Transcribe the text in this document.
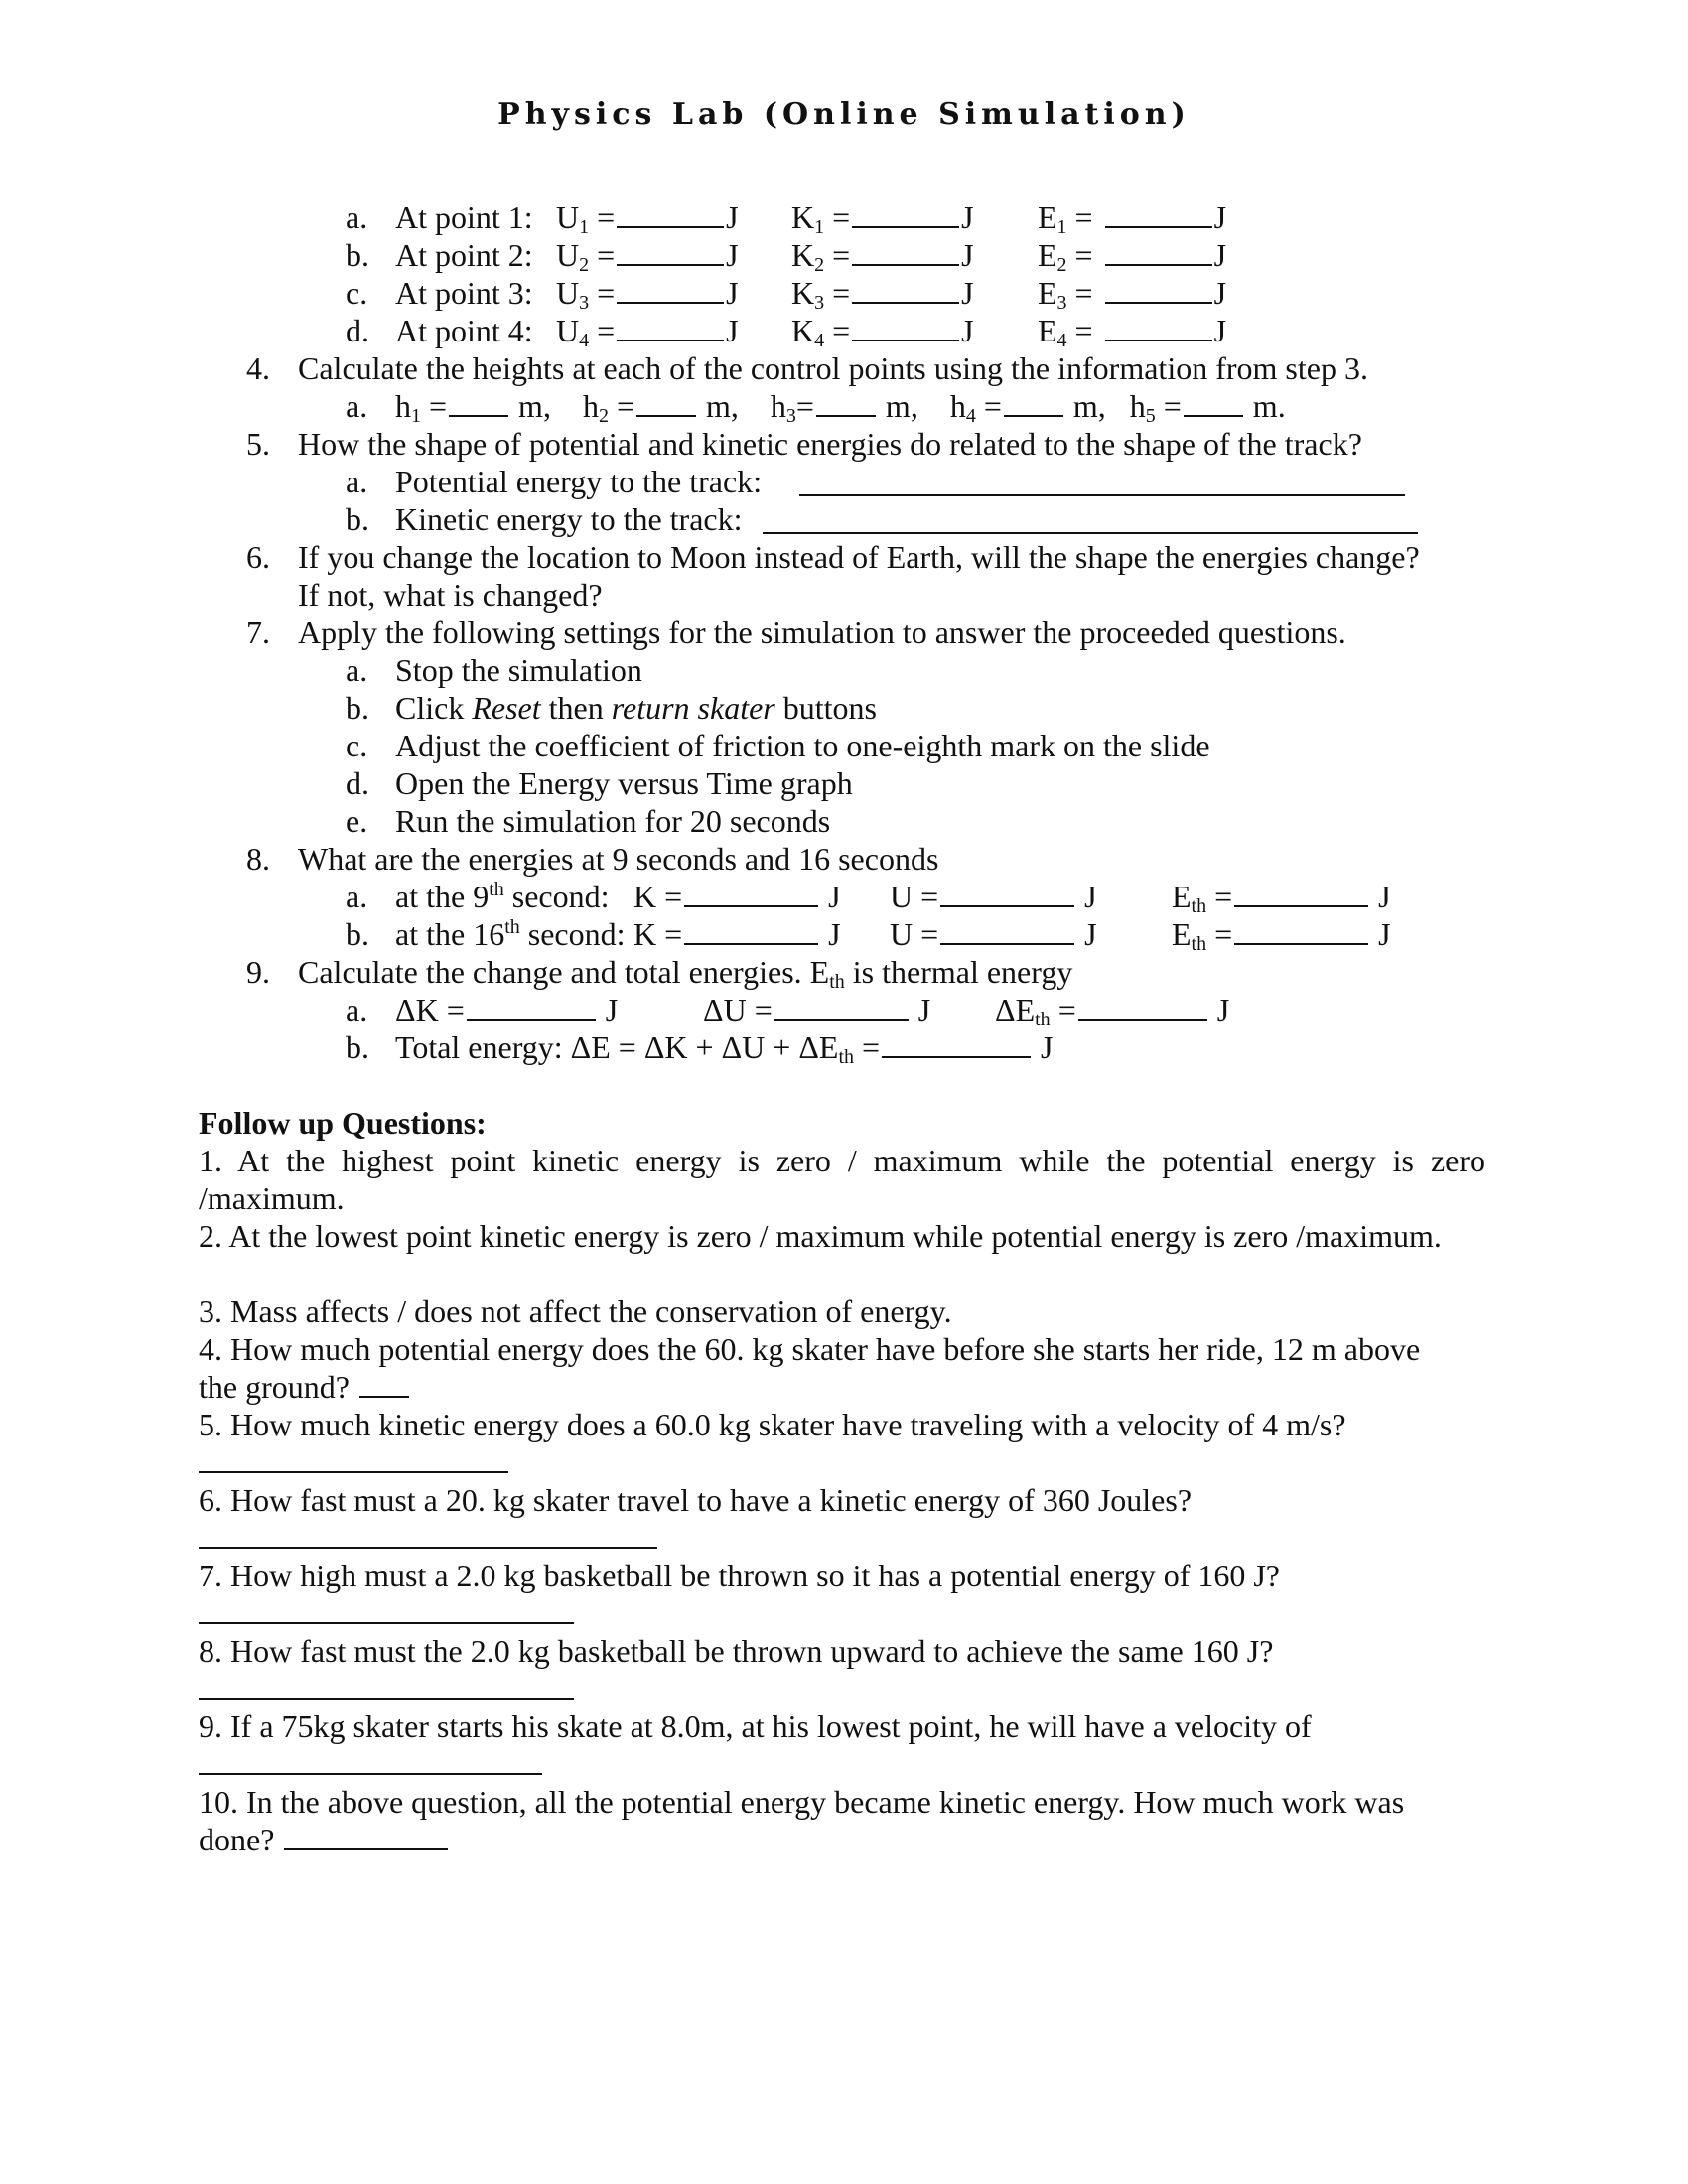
Physics Lab (Online Simulation)
a. At point 1: $U_1$ =	J $K_1$ =	J $E_1$ =	J
b. At point 2: $U_2$ =	J $K_2$ =	J $E_2$ =	J
c. At point 3: $U_3$ =	J $K_3$ =	J $E_3$ =	J
d. At point 4: $U_4$ =	J $K_4$ =	J $E_4$ =	J
4. Calculate the heights at each of the control points using the information from step 3.
a. $h_1 = m$, $h_2 = m$, $h_3= m$, $h_4 = m$, $h_5 = m$.
5. How the shape of potential and kinetic energies do related to the shape of the track?
a. Potential energy to the track:
b. Kinetic energy to the track:
6. If you change the location to Moon instead of Earth, will the shape the energies change?
If not, what is changed?
7. Apply the following settings for the simulation to answer the proceeded questions.
a. Stop the simulation
b. Click Reset then return skater buttons
c. Adjust the coefficient of friction to one-eighth mark on the slide
d. Open the Energy versus Time graph
e. Run the simulation for 20 seconds
8. What are the energies at 9 seconds and 16 seconds
a. at the 9th second: K =	J U =	J $E_{th}$ =	J
b. at the 16th second: K =	J U =	J $E_{th}$ =	J
9. Calculate the change and total energies. $E_{th}$ is thermal energy
a. ΔK =	J	ΔU =	J $\Delta E_{th}$ =	J
b. Total energy: $\Delta E = \Delta K + \Delta U + \Delta E_{th}$ =	J
Follow up Questions:
1. At the highest point kinetic energy is zero / maximum while the potential energy is zero /maximum.
2. At the lowest point kinetic energy is zero / maximum while potential energy is zero /maximum.
3. Mass affects / does not affect the conservation of energy.
4. How much potential energy does the 60. kg skater have before she starts her ride, 12 m above
the ground?
5. How much kinetic energy does a 60.0 kg skater have traveling with a velocity of 4 m/s?
6. How fast must a 20. kg skater travel to have a kinetic energy of 360 Joules?
7. How high must a 2.0 kg basketball be thrown so it has a potential energy of 160 J?
8. How fast must the 2.0 kg basketball be thrown upward to achieve the same 160 J?
9. If a 75kg skater starts his skate at 8.0m, at his lowest point, he will have a velocity of
10. In the above question, all the potential energy became kinetic energy. How much work was
done?
